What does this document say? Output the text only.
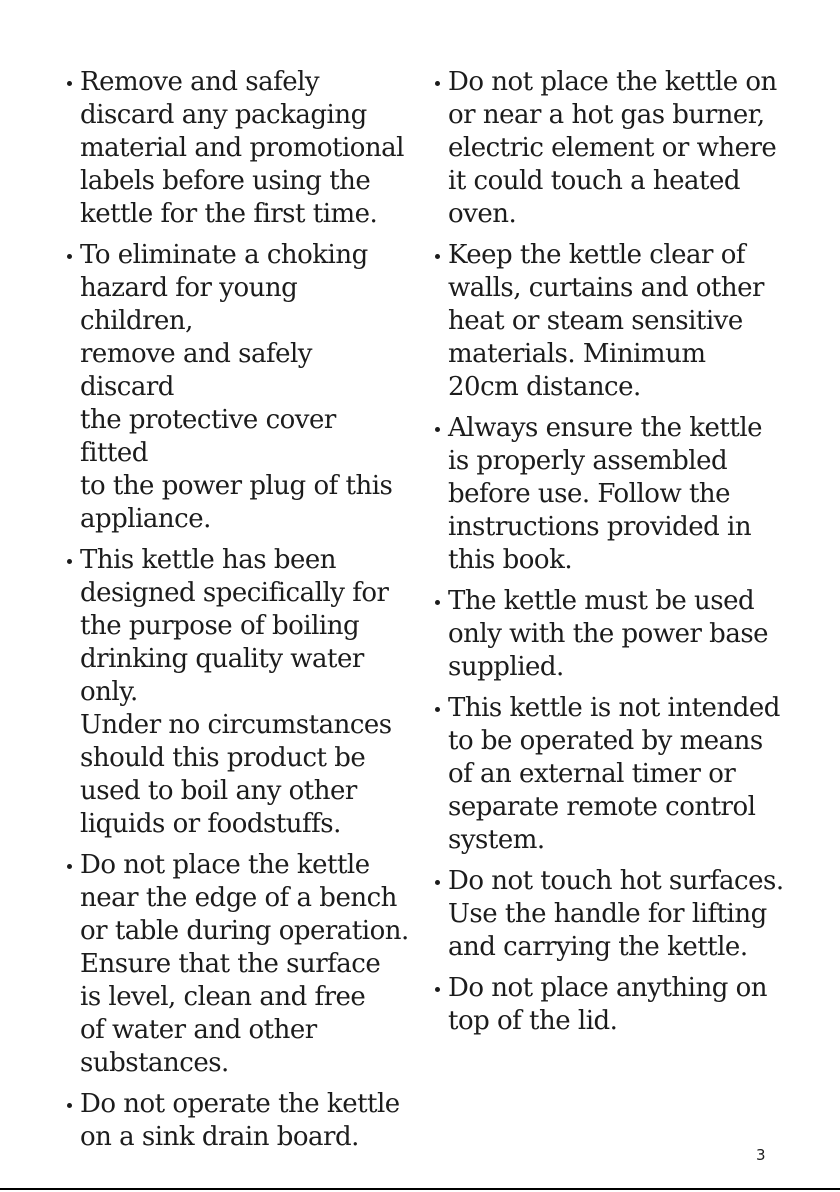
Remove and safely
discard any packaging
material and promotional
labels before using the
kettle for the first time.
To eliminate a choking
hazard for young children,
remove and safely discard
the protective cover fitted
to the power plug of this
appliance.
This kettle has been
designed specifically for
the purpose of boiling
drinking quality water
only.
Under no circumstances
should this product be
used to boil any other
liquids or foodstuffs.
Do not place the kettle
near the edge of a bench
or table during operation.
Ensure that the surface
is level, clean and free
of water and other
substances.
Do not operate the kettle
on a sink drain board.
Do not place the kettle on
or near a hot gas burner,
electric element or where
it could touch a heated
oven.
Keep the kettle clear of
walls, curtains and other
heat or steam sensitive
materials. Minimum
20cm distance.
Always ensure the kettle
is properly assembled
before use. Follow the
instructions provided in
this book.
The kettle must be used
only with the power base
supplied.
This kettle is not intended
to be operated by means
of an external timer or
separate remote control
system.
Do not touch hot surfaces.
Use the handle for lifting
and carrying the kettle.
Do not place anything on
top of the lid.
3
